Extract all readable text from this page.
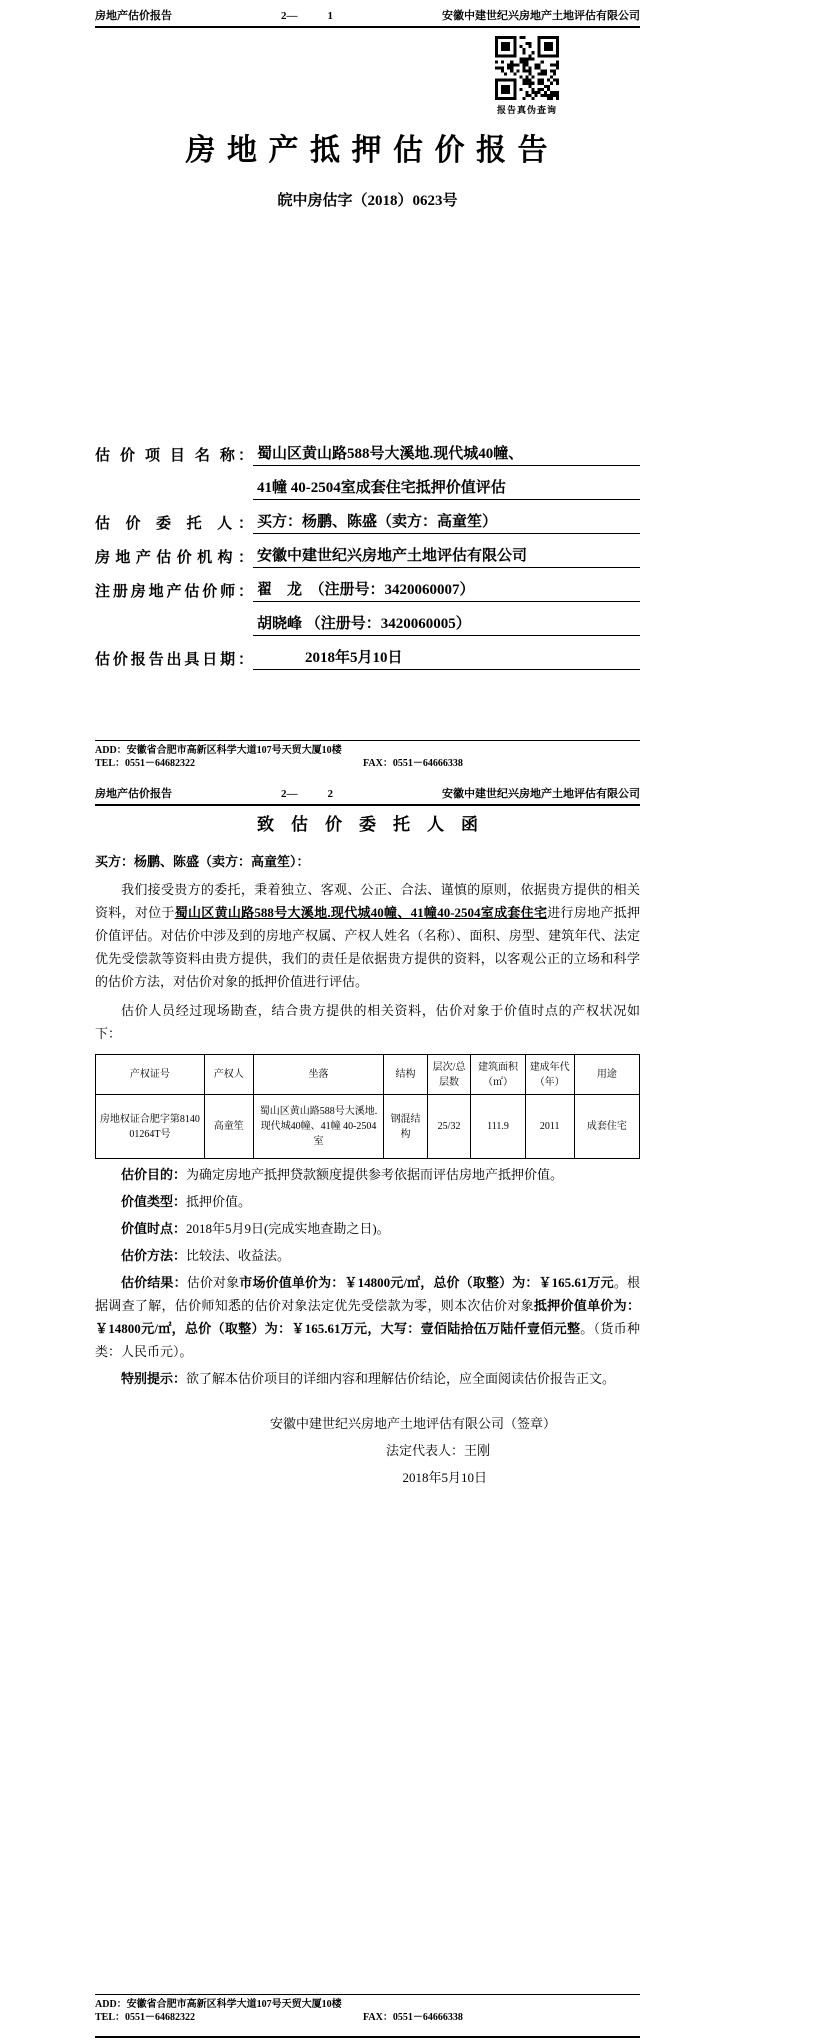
房地产估价报告	2—	1	安徽中建世纪兴房地产土地评估有限公司
报告真伪查询
房 地 产 抵 押 估 价 报 告
皖中房估字（2018）0623号
估 价 项 目 名 称： 蜀山区黄山路588号大溪地.现代城40幢、
41幢 40-2504室成套住宅抵押价值评估
估 价 委 托 人： 买方：杨鹏、陈盛（卖方：高童笙）
房地产估价机构： 安徽中建世纪兴房地产土地评估有限公司
注册房地产估价师： 翟　龙　（注册号：3420060007）
胡晓峰 （注册号：3420060005）
估价报告出具日期：	2018年5月10日
ADD：安徽省合肥市高新区科学大道107号天贸大厦10楼
TEL：0551－64682322	FAX：0551－64666338
房地产估价报告	2—	2	安徽中建世纪兴房地产土地评估有限公司
致　估　价　委　托　人　函
买方：杨鹏、陈盛（卖方：高童笙）：

我们接受贵方的委托，秉着独立、客观、公正、合法、谨慎的原则，依据贵方提供的相关资料，对位于蜀山区黄山路588号大溪地.现代城40幢、41幢40-2504室成套住宅进行房地产抵押价值评估。对估价中涉及到的房地产权属、产权人姓名（名称）、面积、房型、建筑年代、法定优先受偿款等资料由贵方提供，我们的责任是依据贵方提供的资料，以客观公正的立场和科学的估价方法，对估价对象的抵押价值进行评估。

估价人员经过现场勘查，结合贵方提供的相关资料，估价对象于价值时点的产权状况如下：

产权证号	产权人	坐落	结构	层次/总层数	建筑面积（㎡）	建成年代（年）	用途
房地权证合肥字第814001264T号	高童笙	蜀山区黄山路588号大溪地.现代城40幢、41幢 40-2504室	钢混结构	25/32	111.9	2011	成套住宅

估价目的：为确定房地产抵押贷款额度提供参考依据而评估房地产抵押价值。

价值类型：抵押价值。

价值时点：2018年5月9日(完成实地查勘之日)。

估价方法：比较法、收益法。

估价结果：估价对象市场价值单价为：￥14800元/㎡，总价（取整）为：￥165.61万元。根据调查了解，估价师知悉的估价对象法定优先受偿款为零，则本次估价对象抵押价值单价为：￥14800元/㎡，总价（取整）为：￥165.61万元，大写：壹佰陆拾伍万陆仟壹佰元整。（货币种类：人民币元）。

特别提示：欲了解本估价项目的详细内容和理解估价结论，应全面阅读估价报告正文。

安徽中建世纪兴房地产土地评估有限公司（签章）
法定代表人：王刚
2018年5月10日
ADD：安徽省合肥市高新区科学大道107号天贸大厦10楼
TEL：0551－64682322	FAX：0551－64666338
